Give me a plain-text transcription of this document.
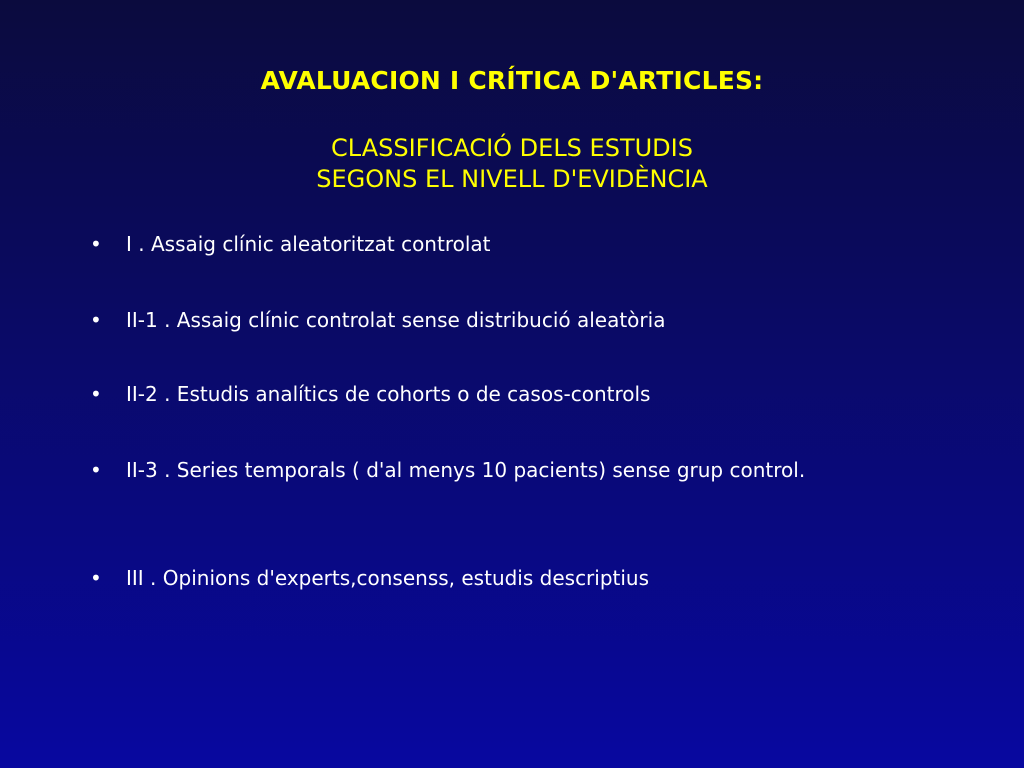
AVALUACION I CRÍTICA D'ARTICLES:
CLASSIFICACIÓ DELS ESTUDIS
SEGONS EL NIVELL D'EVIDÈNCIA
•	I . Assaig clínic aleatoritzat controlat
•	II-1 . Assaig clínic controlat sense distribució aleatòria
•	II-2 . Estudis analítics de cohorts o de casos-controls
•	II-3 . Series temporals ( d'al menys 10 pacients) sense grup control.
•	III . Opinions d'experts,consenss, estudis descriptius
